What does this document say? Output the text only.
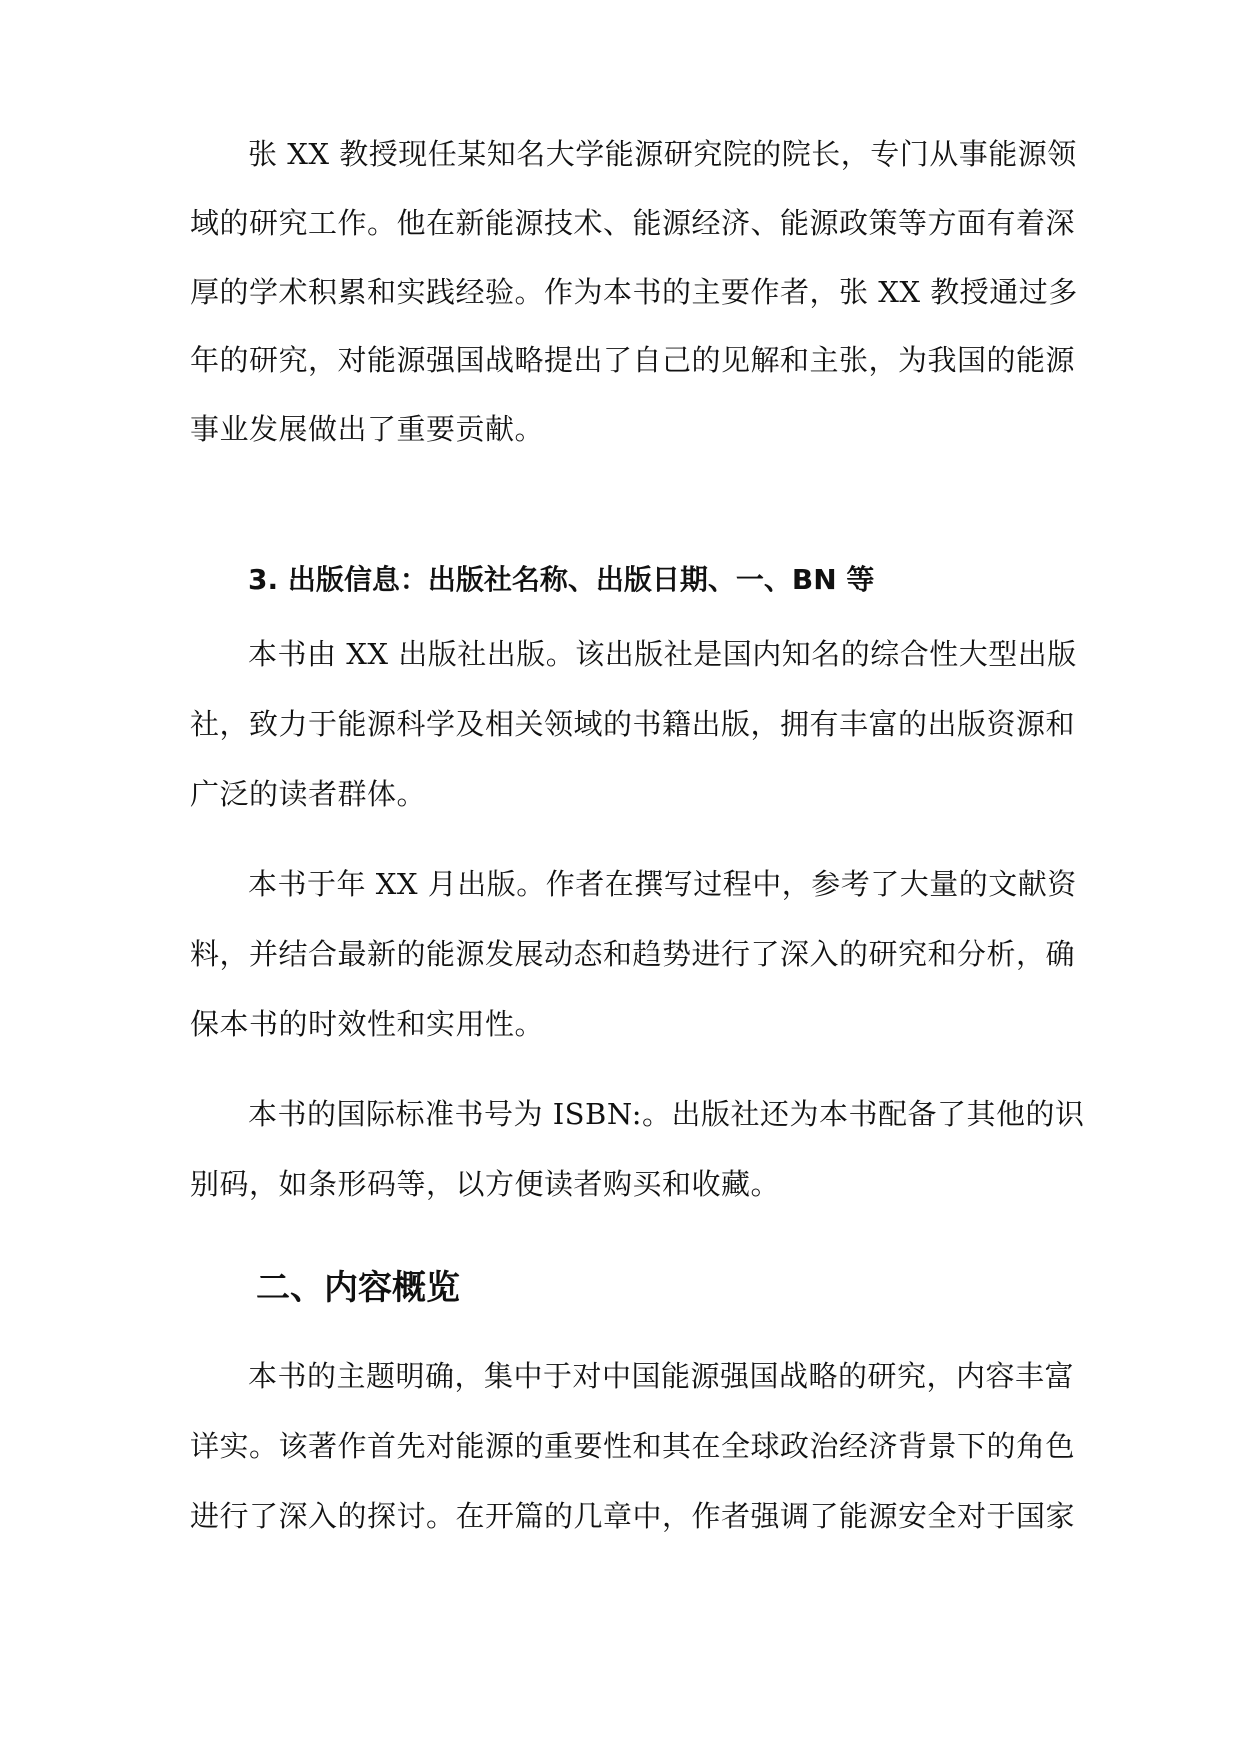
张 XX 教授现任某知名大学能源研究院的院长，专门从事能源领
域的研究工作。他在新能源技术、能源经济、能源政策等方面有着深
厚的学术积累和实践经验。作为本书的主要作者，张 XX 教授通过多
年的研究，对能源强国战略提出了自己的见解和主张，为我国的能源
事业发展做出了重要贡献。
3. 出版信息：出版社名称、出版日期、一、BN 等
本书由 XX 出版社出版。该出版社是国内知名的综合性大型出版
社，致力于能源科学及相关领域的书籍出版，拥有丰富的出版资源和
广泛的读者群体。
本书于年 XX 月出版。作者在撰写过程中，参考了大量的文献资
料，并结合最新的能源发展动态和趋势进行了深入的研究和分析，确
保本书的时效性和实用性。
本书的国际标准书号为 ISBN:。出版社还为本书配备了其他的识
别码，如条形码等，以方便读者购买和收藏。
二、内容概览
本书的主题明确，集中于对中国能源强国战略的研究，内容丰富
详实。该著作首先对能源的重要性和其在全球政治经济背景下的角色
进行了深入的探讨。在开篇的几章中，作者强调了能源安全对于国家
